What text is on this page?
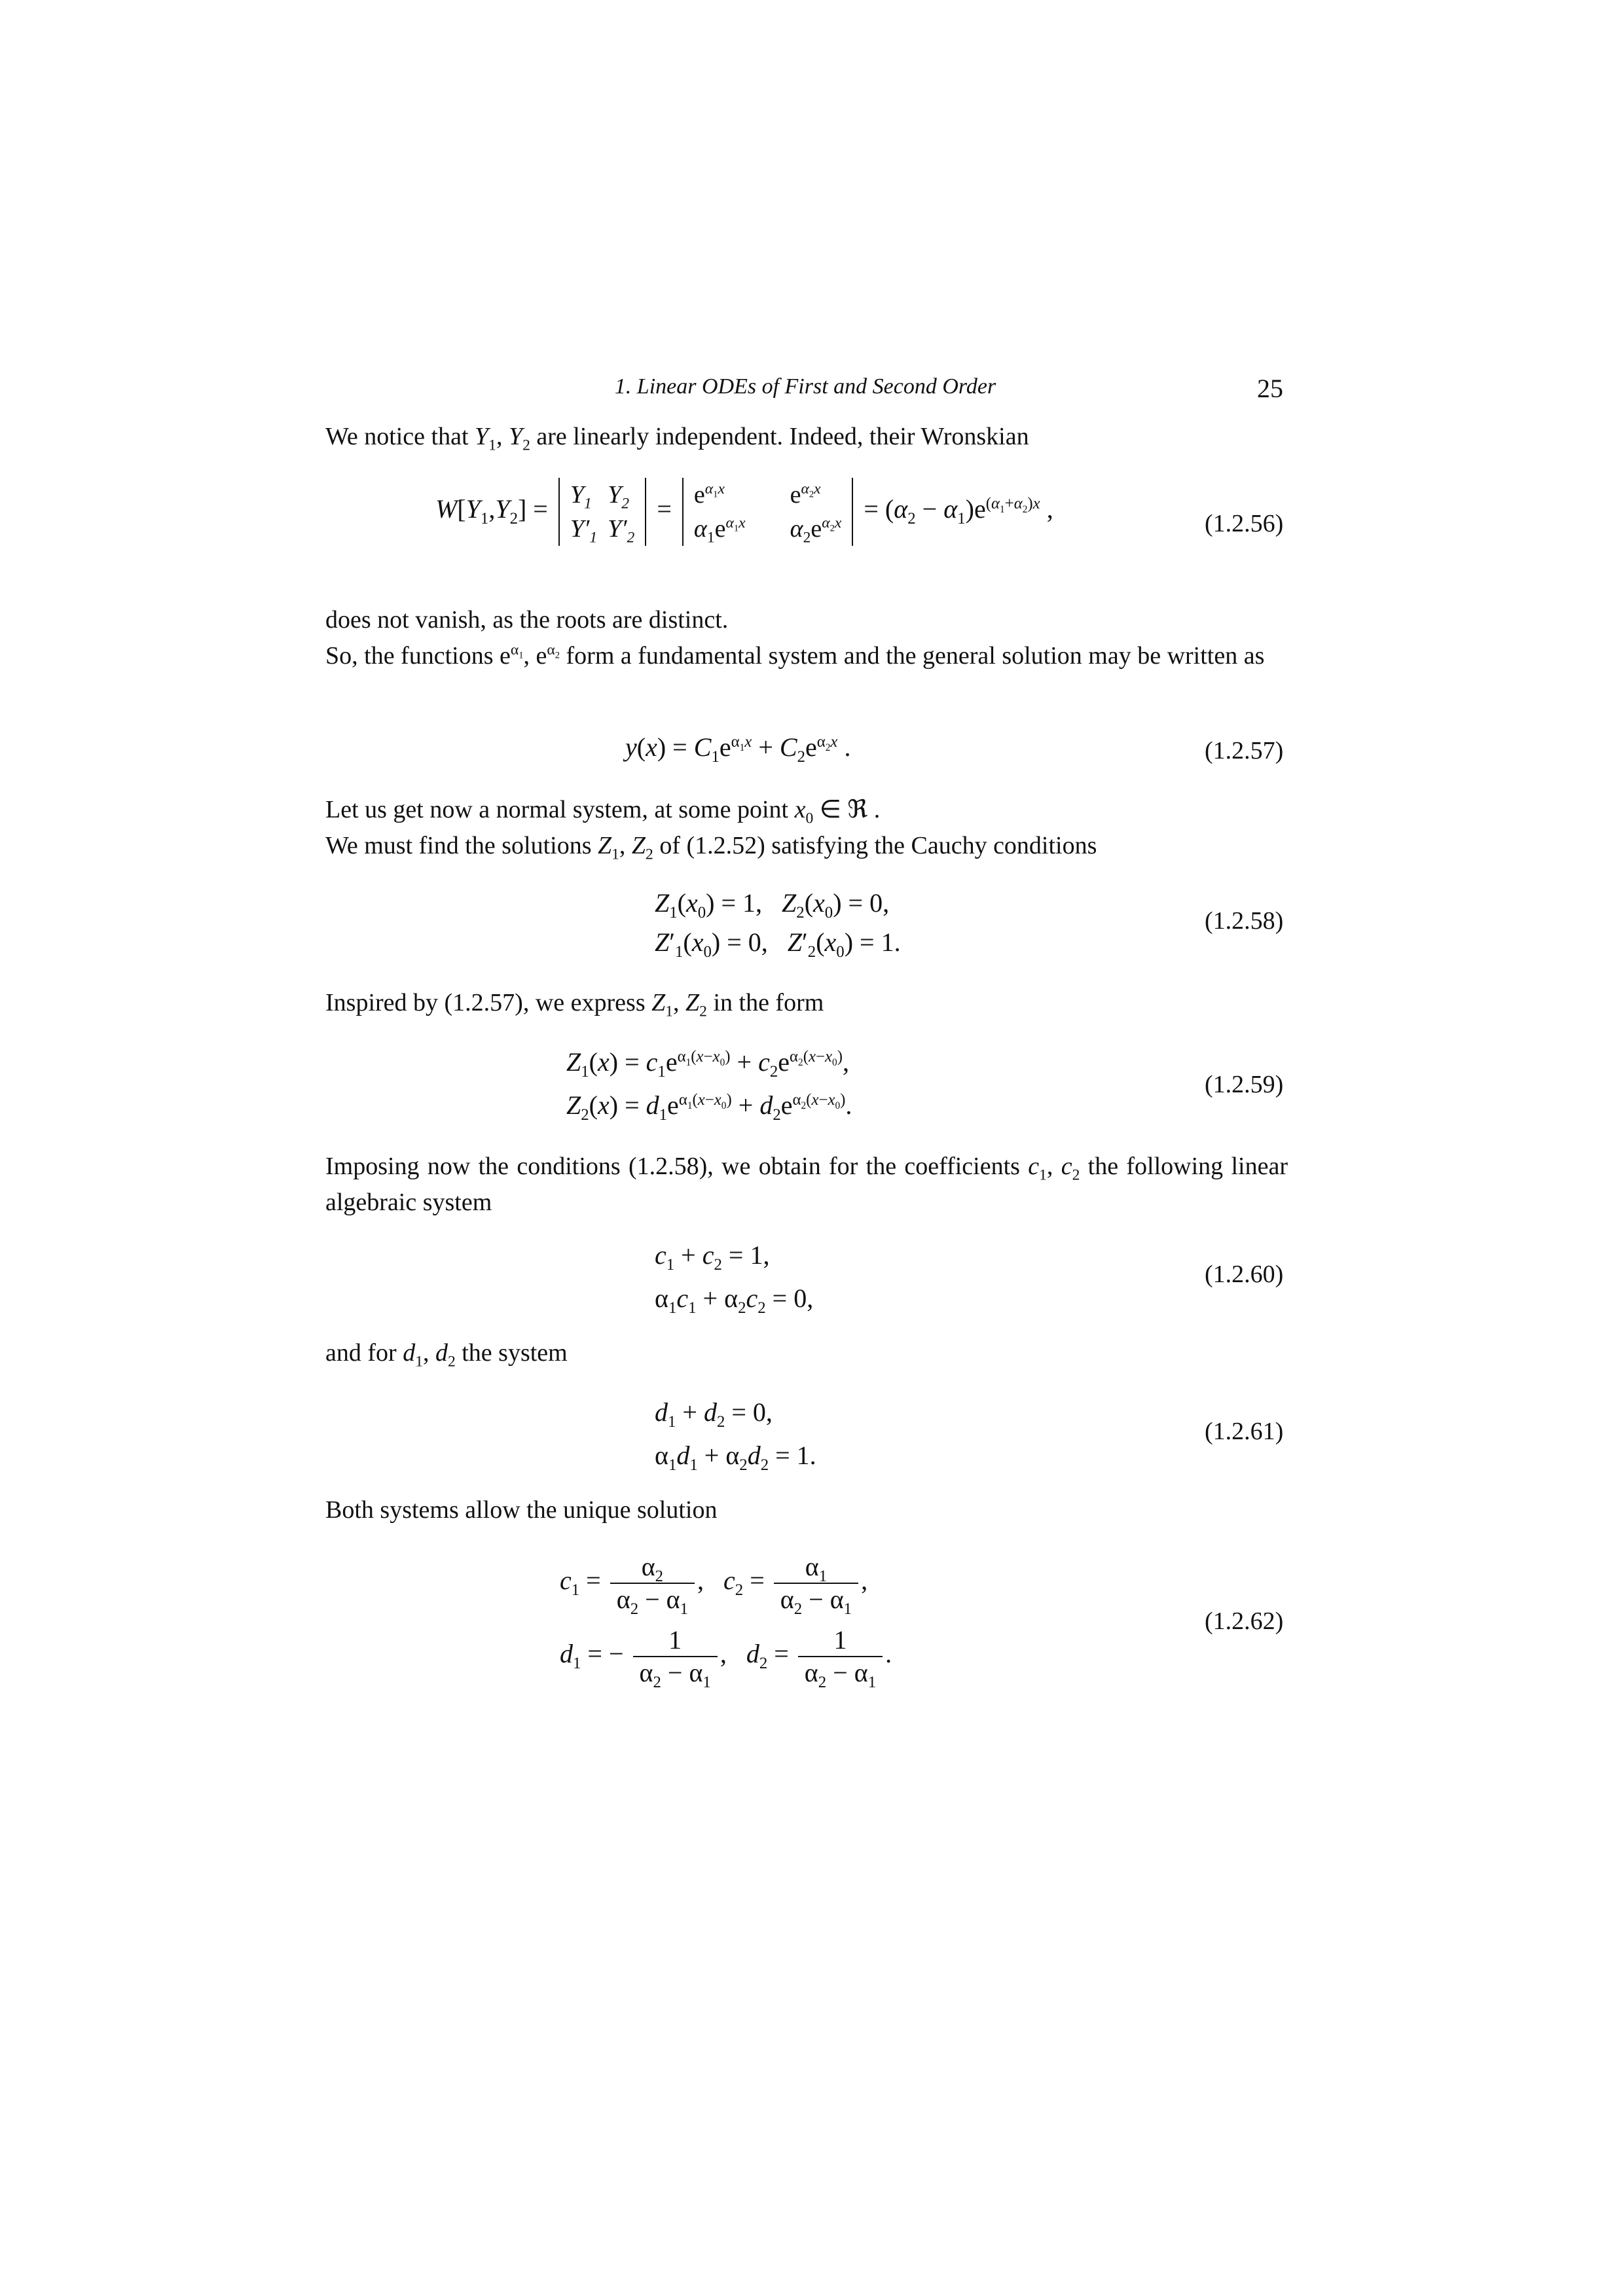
1. Linear ODEs of First and Second Order	25
We notice that $Y_1$, $Y_2$ are linearly independent. Indeed, their Wronskian
$W[Y_1,Y_2] = Y_1$	$Y_2$
$Y'_1$	$Y'_2$
= $e^{\alpha_1x}$	$e^{\alpha_2x}$
$\alpha_1e^{\alpha_1x}$	$\alpha_2e^{\alpha_2x} = (\alpha_2 - \alpha_1)e^{(\alpha_1+\alpha_2)x}$ ,	(1.2.56)
does not vanish, as the roots are distinct.
So, the functions $e^{\alpha_1}$, $e^{\alpha_2}$ form a fundamental system and the general solution may be written as
$y(x) = C_1e^{\alpha_1x} + C_2e^{\alpha_2x}$ .	(1.2.57)
Let us get now a normal system, at some point $x_0$ ∈ ℜ .
We must find the solutions $Z_1$, $Z_2$ of (1.2.52) satisfying the Cauchy conditions
$Z_1(x_0) = 1$,   $Z_2(x_0) = 0$,
$Z'_1(x_0) = 0$,   $Z'_2(x_0) = 1$.
(1.2.58)
Inspired by (1.2.57), we express $Z_1$, $Z_2$ in the form
$Z_1(x) = c_1e^{\alpha_1(x-x_0)} + c_2e^{\alpha_2(x-x_0)}$,
$Z_2(x) = d_1e^{\alpha_1(x-x_0)} + d_2e^{\alpha_2(x-x_0)}$.
(1.2.59)
Imposing now the conditions (1.2.58), we obtain for the coefficients $c_1$, $c_2$ the following linear algebraic system
$c_1 + c_2 = 1$,
$\alpha_1c_1 + \alpha_2c_2 = 0$,
(1.2.60)
and for $d_1$, $d_2$ the system
$d_1 + d_2 = 0$,
$\alpha_1d_1 + \alpha_2d_2 = 1$.
(1.2.61)
Both systems allow the unique solution
$c_1 = \frac{\alpha_2}{\alpha_2 - \alpha_1}$ ,   $c_2 = \frac{\alpha_1}{\alpha_2 - \alpha_1}$ ,
$d_1$ = − $\frac{1}{\alpha_2 - \alpha_1}$ ,   $d_2 = \frac{1}{\alpha_2 - \alpha_1}$ .
(1.2.62)
